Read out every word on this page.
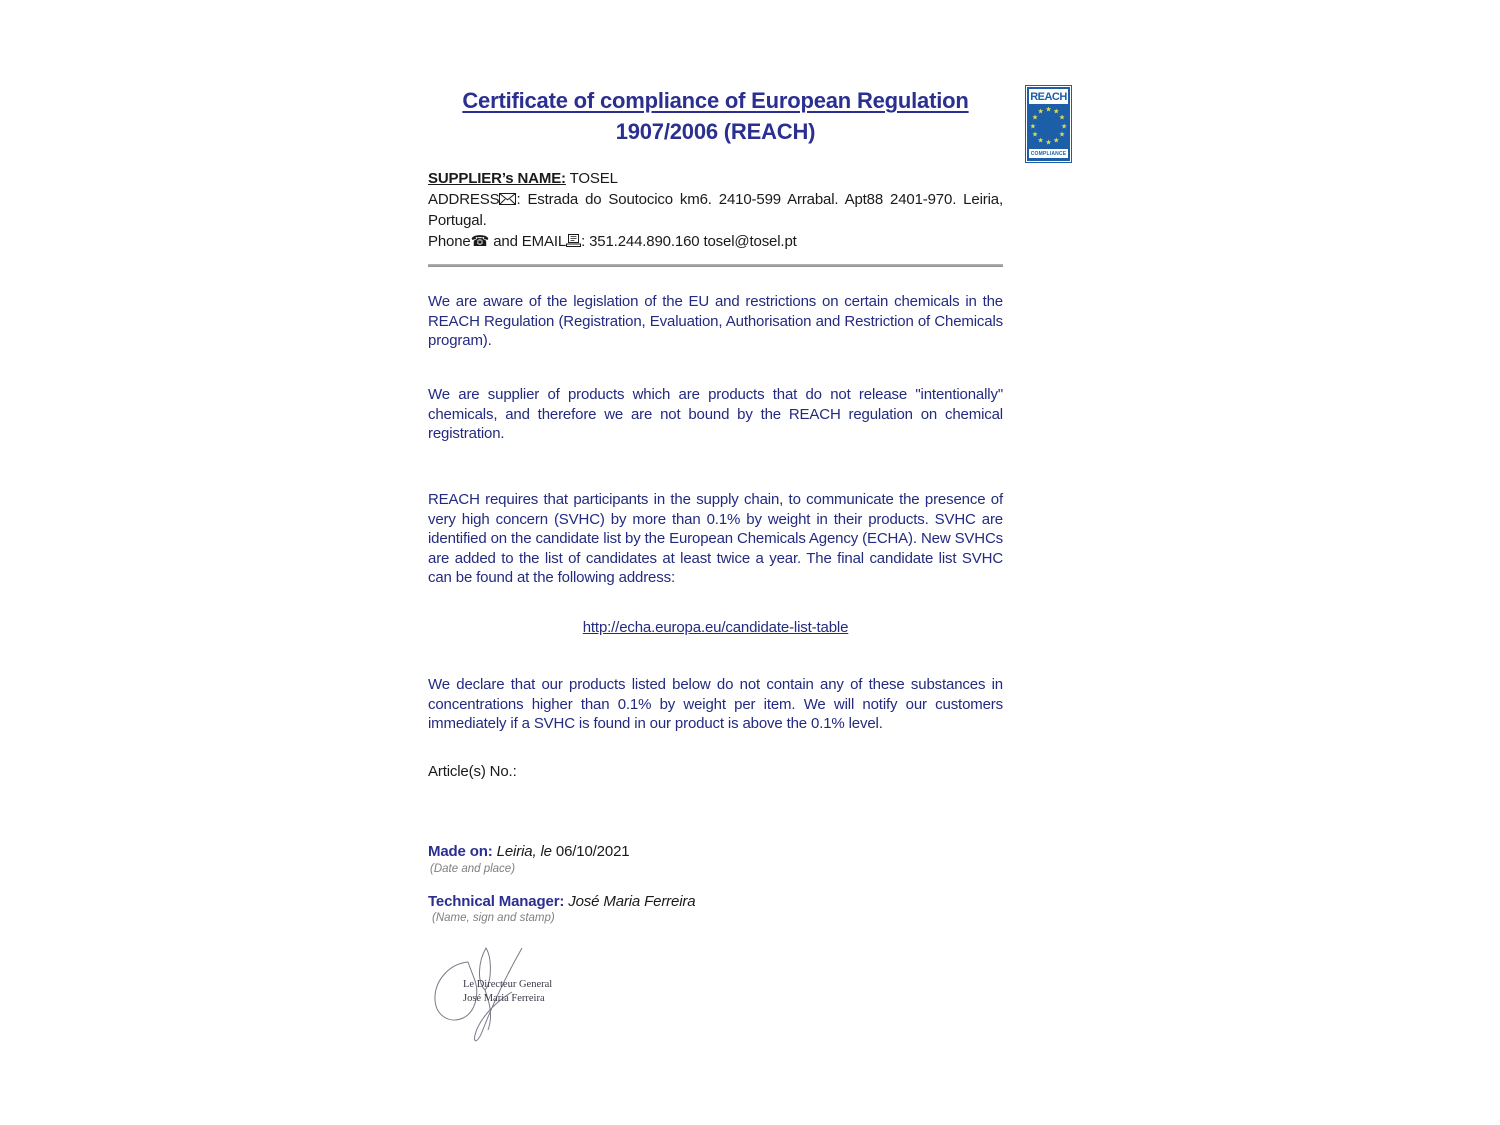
Certificate of compliance of European Regulation
1907/2006 (REACH)
SUPPLIER’s NAME: TOSEL
ADDRESS : Estrada do Soutocico km6. 2410-599 Arrabal. Apt88 2401-970. Leiria, Portugal.
Phone☎ and EMAIL : 351.244.890.160 tosel@tosel.pt
We are aware of the legislation of the EU and restrictions on certain chemicals in the REACH Regulation (Registration, Evaluation, Authorisation and Restriction of Chemicals program).
We are supplier of products which are products that do not release "intentionally" chemicals, and therefore we are not bound by the REACH regulation on chemical registration.
REACH requires that participants in the supply chain, to communicate the presence of very high concern (SVHC) by more than 0.1% by weight in their products. SVHC are identified on the candidate list by the European Chemicals Agency (ECHA). New SVHCs are added to the list of candidates at least twice a year. The final candidate list SVHC can be found at the following address:
http://echa.europa.eu/candidate-list-table
We declare that our products listed below do not contain any of these substances in concentrations higher than 0.1% by weight per item. We will notify our customers immediately if a SVHC is found in our product is above the 0.1% level.
Article(s) No.:
Made on: Leiria, le 06/10/2021
(Date and place)
Technical Manager: José Maria Ferreira
(Name, sign and stamp)
Le Directeur General
José Maria Ferreira
REACH
★ ★
★
★
★
★
★
★
★
★
★
★
COMPLIANCE
